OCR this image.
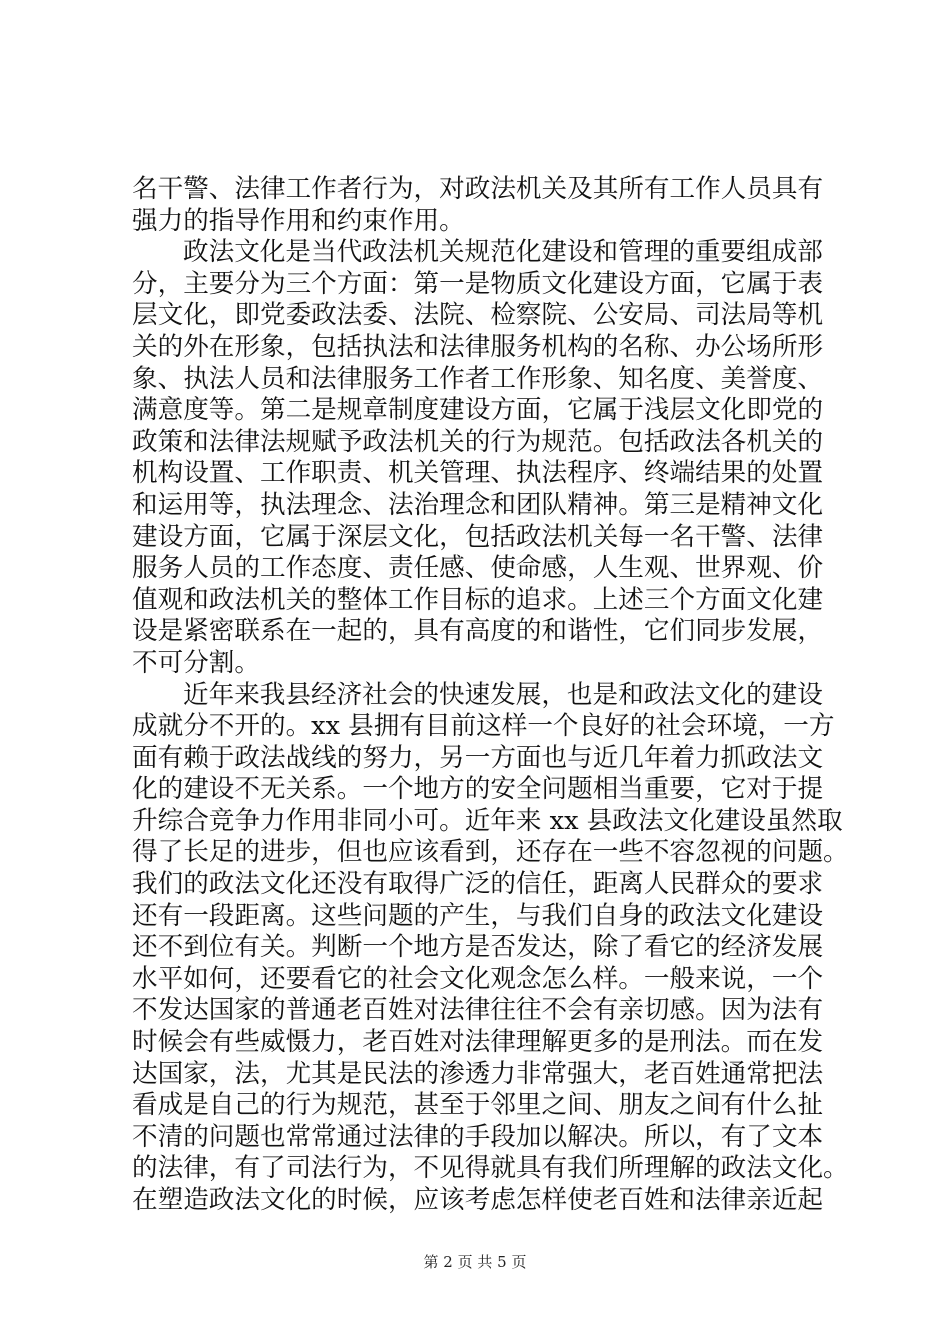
名干警、法律工作者行为，对政法机关及其所有工作人员具有
强力的指导作用和约束作用。
政法文化是当代政法机关规范化建设和管理的重要组成部
分，主要分为三个方面：第一是物质文化建设方面，它属于表
层文化，即党委政法委、法院、检察院、公安局、司法局等机
关的外在形象，包括执法和法律服务机构的名称、办公场所形
象、执法人员和法律服务工作者工作形象、知名度、美誉度、
满意度等。第二是规章制度建设方面，它属于浅层文化即党的
政策和法律法规赋予政法机关的行为规范。包括政法各机关的
机构设置、工作职责、机关管理、执法程序、终端结果的处置
和运用等，执法理念、法治理念和团队精神。第三是精神文化
建设方面，它属于深层文化，包括政法机关每一名干警、法律
服务人员的工作态度、责任感、使命感，人生观、世界观、价
值观和政法机关的整体工作目标的追求。上述三个方面文化建
设是紧密联系在一起的，具有高度的和谐性，它们同步发展，
不可分割。
近年来我县经济社会的快速发展，也是和政法文化的建设
成就分不开的。xx 县拥有目前这样一个良好的社会环境，一方
面有赖于政法战线的努力，另一方面也与近几年着力抓政法文
化的建设不无关系。一个地方的安全问题相当重要，它对于提
升综合竞争力作用非同小可。近年来 xx 县政法文化建设虽然取
得了长足的进步，但也应该看到，还存在一些不容忽视的问题。
我们的政法文化还没有取得广泛的信任，距离人民群众的要求
还有一段距离。这些问题的产生，与我们自身的政法文化建设
还不到位有关。判断一个地方是否发达，除了看它的经济发展
水平如何，还要看它的社会文化观念怎么样。一般来说，一个
不发达国家的普通老百姓对法律往往不会有亲切感。因为法有
时候会有些威慑力，老百姓对法律理解更多的是刑法。而在发
达国家，法，尤其是民法的渗透力非常强大，老百姓通常把法
看成是自己的行为规范，甚至于邻里之间、朋友之间有什么扯
不清的问题也常常通过法律的手段加以解决。所以，有了文本
的法律，有了司法行为，不见得就具有我们所理解的政法文化。
在塑造政法文化的时候，应该考虑怎样使老百姓和法律亲近起
第 2 页 共 5 页
